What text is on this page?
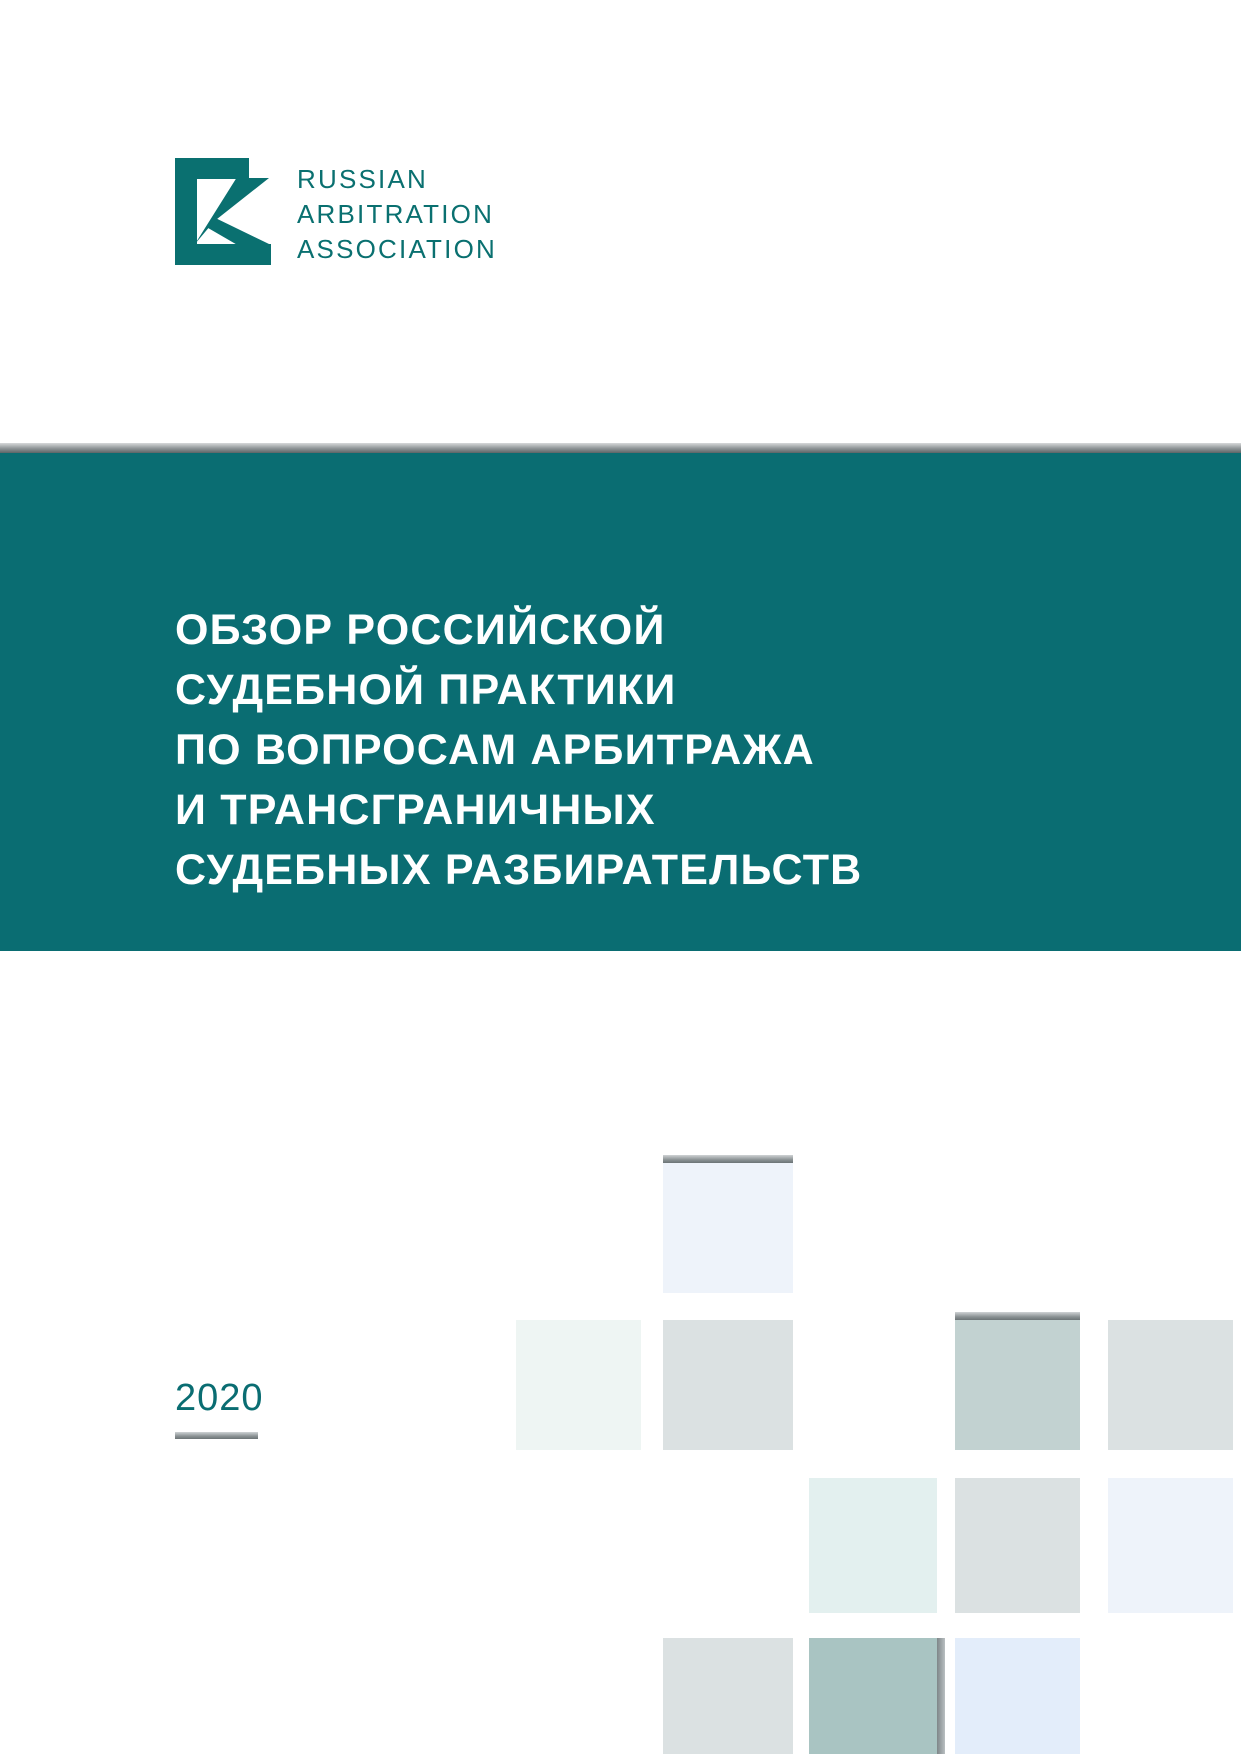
RUSSIAN
ARBITRATION
ASSOCIATION
ОБЗОР РОССИЙСКОЙ
СУДЕБНОЙ ПРАКТИКИ
ПО ВОПРОСАМ АРБИТРАЖА
И ТРАНСГРАНИЧНЫХ
СУДЕБНЫХ РАЗБИРАТЕЛЬСТВ
2020
